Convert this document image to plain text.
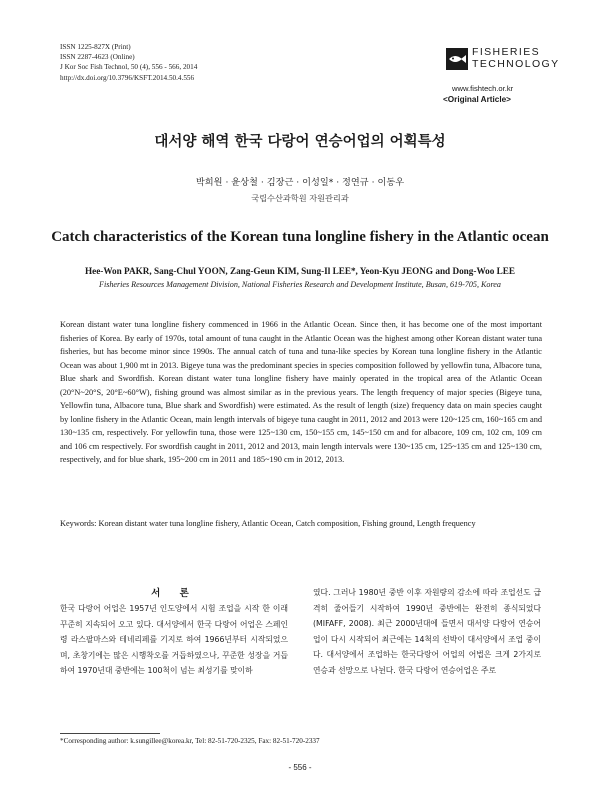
ISSN 1225-827X (Print)
ISSN 2287-4623 (Online)
J Kor Soc Fish Technol, 50 (4), 556 - 566, 2014
http://dx.doi.org/10.3796/KSFT.2014.50.4.556
FISHERIES
TECHNOLOGY
www.fishtech.or.kr
<Original Article>
대서양 해역 한국 다랑어 연승어업의 어획특성
박희원 · 윤상철 · 김장근 · 이성일* · 정연규 · 이동우
국립수산과학원 자원관리과
Catch characteristics of the Korean tuna longline fishery in the Atlantic ocean
Hee-Won PAKR, Sang-Chul YOON, Zang-Geun KIM, Sung-Il LEE*, Yeon-Kyu JEONG and Dong-Woo LEE
Fisheries Resources Management Division, National Fisheries Research and Development Institute, Busan, 619-705, Korea

Korean distant water tuna longline fishery commenced in 1966 in the Atlantic Ocean. Since then, it has become one of the most important fisheries of Korea. By early of 1970s, total amount of tuna caught in the Atlantic Ocean was the highest among other Korean distant water tuna fisheries, but has become minor since 1990s. The annual catch of tuna and tuna-like species by Korean tuna longline fishery in the Atlantic Ocean was about 1,900 mt in 2013. Bigeye tuna was the predominant species in species composition followed by yellowfin tuna, Albacore tuna, Blue shark and Swordfish. Korean distant water tuna longline fishery have mainly operated in the tropical area of the Atlantic Ocean (20°N~20°S, 20°E~60°W), fishing ground was almost similar as in the previous years. The length frequency of major species (Bigeye tuna, Yellowfin tuna, Albacore tuna, Blue shark and Swordfish) were estimated. As the result of length (size) frequency data on main species caught by lonline fishery in the Atlantic Ocean, main length intervals of bigeye tuna caught in 2011, 2012 and 2013 were 120~125 cm, 160~165 cm and 130~135 cm, respectively. For yellowfin tuna, those were 125~130 cm, 150~155 cm, 145~150 cm and for albacore, 109 cm, 102 cm, 109 cm and 106 cm respectively. For swordfish caught in 2011, 2012 and 2013, main length intervals were 130~135 cm, 125~135 cm and 125~130 cm, respectively, and for blue shark, 195~200 cm in 2011 and 185~190 cm in 2012, 2013.

Keywords: Korean distant water tuna longline fishery, Atlantic Ocean, Catch composition, Fishing ground, Length frequency

서 론

한국 다랑어 어업은 1957년 인도양에서 시험 조업을 시작 한 이래 꾸준히 지속되어 오고 있다. 대서양에서 한국 다랑어 어업은 스페인령 라스팔마스와 테네리페를 기지로 하여 1966년부터 시작되었으며, 초창기에는 많은 시행착오를 거듭하였으나, 꾸준한 성장을 거듭하여 1970년대 중반에는 100척이 넘는 최성기를 맞이하

였다. 그러나 1980년 중반 이후 자원량의 감소에 따라 조업선도 급격히 줄어들기 시작하여 1990년 중반에는 완전히 종식되었다 (MIFAFF, 2008). 최근 2000년대에 들면서 대서양 다랑어 연승어업이 다시 시작되어 최근에는 14척의 선박이 대서양에서 조업 중이다. 대서양에서 조업하는 한국다랑어 어업의 어법은 크게 2가지로 연승과 선망으로 나뉜다. 한국 다랑어 연승어업은 주로

*Corresponding author: k.sungillee@korea.kr, Tel: 82-51-720-2325, Fax: 82-51-720-2337
- 556 -
